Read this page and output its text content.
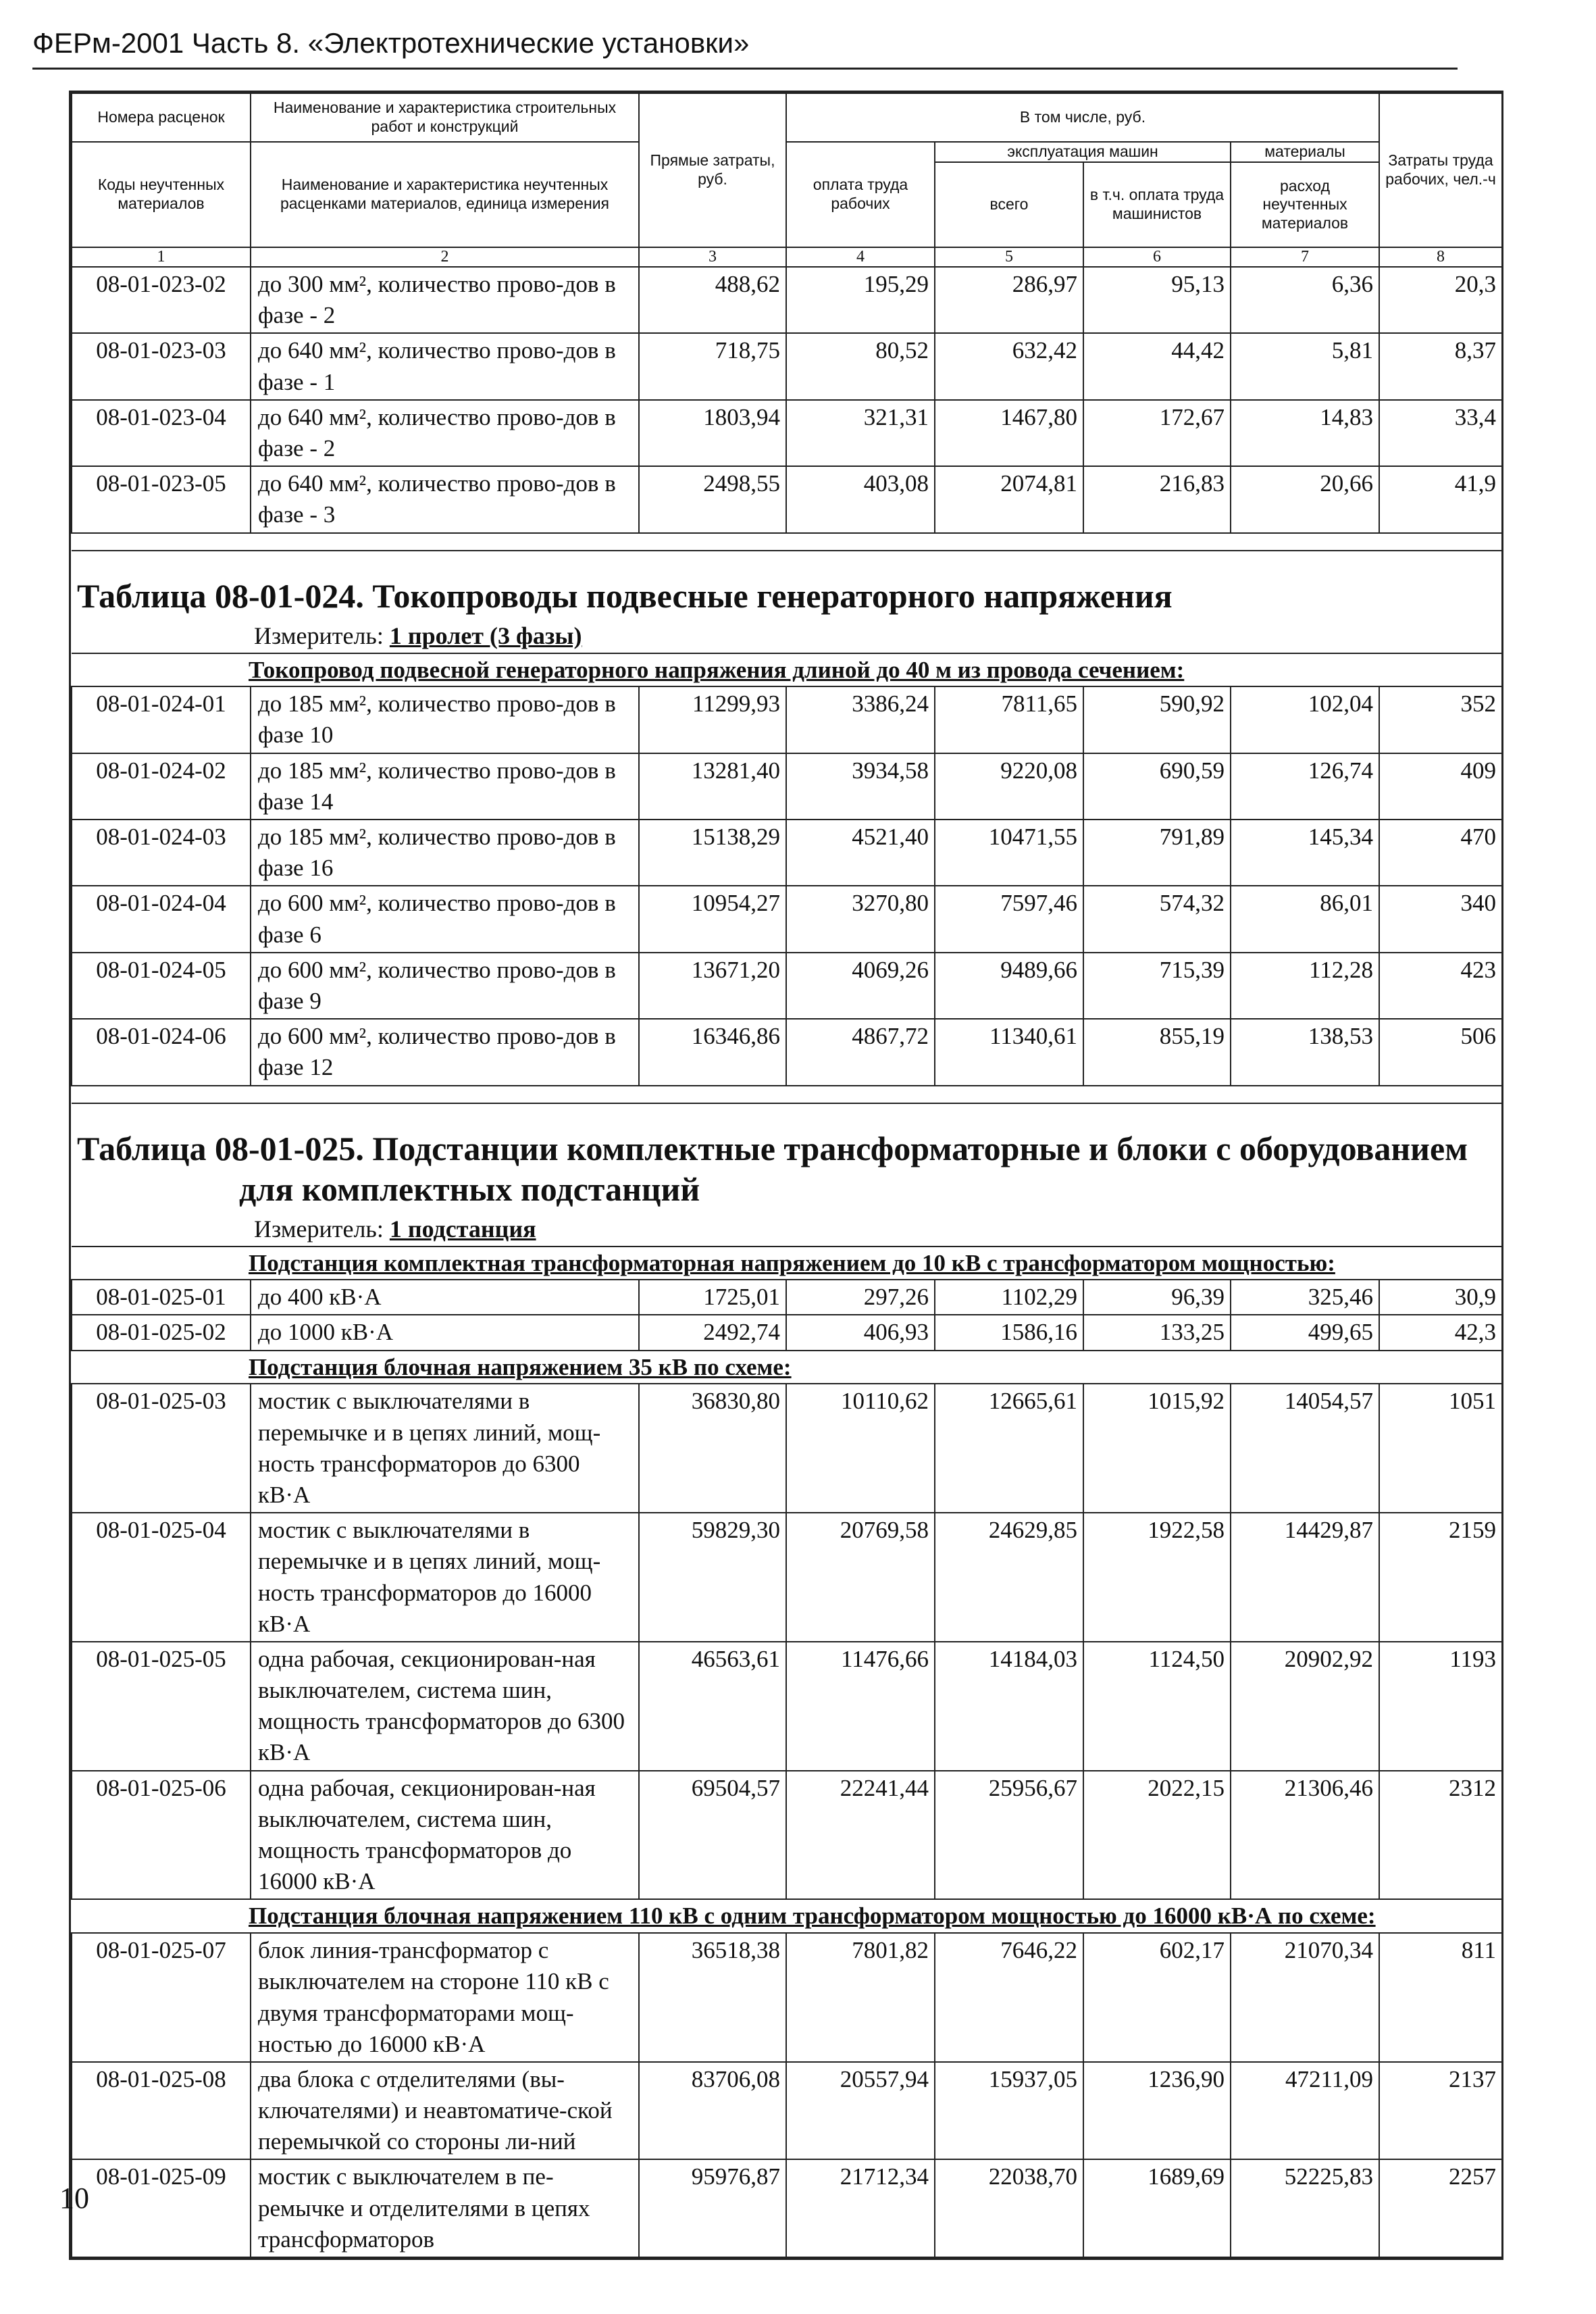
ФЕРм-2001 Часть 8. «Электротехнические установки»
Номера расценок	Наименование и характеристика строительных работ и конструкций	Прямые затраты, руб.	В том числе, руб.				Затраты труда рабочих, чел.-ч
Коды неучтенных материалов	Наименование и характеристика неучтенных расценками материалов, единица измерения		оплата труда рабочих	эксплуатация машин		материалы	
				всего	в т.ч. оплата труда машинистов	расход неучтенных материалов	
1	2	3	4	5	6	7	8
08-01-023-02	до 300 мм², количество прово-дов в фазе - 2	488,62	195,29	286,97	95,13	6,36	20,3
08-01-023-03	до 640 мм², количество прово-дов в фазе - 1	718,75	80,52	632,42	44,42	5,81	8,37
08-01-023-04	до 640 мм², количество прово-дов в фазе - 2	1803,94	321,31	1467,80	172,67	14,83	33,4
08-01-023-05	до 640 мм², количество прово-дов в фазе - 3	2498,55	403,08	2074,81	216,83	20,66	41,9

Таблица 08-01-024. Токопроводы подвесные генераторного напряжения
Измеритель: 1 пролет (3 фазы)							

Токопровод подвесной генераторного напряжения длиной до 40 м из провода сечением:							
08-01-024-01	до 185 мм², количество прово-дов в фазе 10	11299,93	3386,24	7811,65	590,92	102,04	352
08-01-024-02	до 185 мм², количество прово-дов в фазе 14	13281,40	3934,58	9220,08	690,59	126,74	409
08-01-024-03	до 185 мм², количество прово-дов в фазе 16	15138,29	4521,40	10471,55	791,89	145,34	470
08-01-024-04	до 600 мм², количество прово-дов в фазе 6	10954,27	3270,80	7597,46	574,32	86,01	340
08-01-024-05	до 600 мм², количество прово-дов в фазе 9	13671,20	4069,26	9489,66	715,39	112,28	423
08-01-024-06	до 600 мм², количество прово-дов в фазе 12	16346,86	4867,72	11340,61	855,19	138,53	506

Таблица 08-01-025. Подстанции комплектные трансформаторные и блоки с оборудованием
для комплектных подстанций
Измеритель: 1 подстанция							

Подстанция комплектная трансформаторная напряжением до 10 кВ с трансформатором мощностью:							
08-01-025-01	до 400 кВ·А	1725,01	297,26	1102,29	96,39	325,46	30,9
08-01-025-02	до 1000 кВ·А	2492,74	406,93	1586,16	133,25	499,65	42,3
Подстанция блочная напряжением 35 кВ по схеме:							
08-01-025-03	мостик с выключателями в перемычке и в цепях линий, мощ-ность трансформаторов до 6300 кВ·А	36830,80	10110,62	12665,61	1015,92	14054,57	1051
08-01-025-04	мостик с выключателями в перемычке и в цепях линий, мощ-ность трансформаторов до 16000 кВ·А	59829,30	20769,58	24629,85	1922,58	14429,87	2159
08-01-025-05	одна рабочая, секционирован-ная выключателем, система шин, мощность трансформаторов до 6300 кВ·А	46563,61	11476,66	14184,03	1124,50	20902,92	1193
08-01-025-06	одна рабочая, секционирован-ная выключателем, система шин, мощность трансформаторов до 16000 кВ·А	69504,57	22241,44	25956,67	2022,15	21306,46	2312
Подстанция блочная напряжением 110 кВ с одним трансформатором мощностью до 16000 кВ·А по схеме:							
08-01-025-07	блок линия-трансформатор с выключателем на стороне 110 кВ с двумя трансформаторами мощ-ностью до 16000 кВ·А	36518,38	7801,82	7646,22	602,17	21070,34	811
08-01-025-08	два блока с отделителями (вы-ключателями) и неавтоматиче-ской перемычкой со стороны ли-ний	83706,08	20557,94	15937,05	1236,90	47211,09	2137
08-01-025-09	мостик с выключателем в пе-ремычке и отделителями в цепях трансформаторов	95976,87	21712,34	22038,70	1689,69	52225,83	2257
10
